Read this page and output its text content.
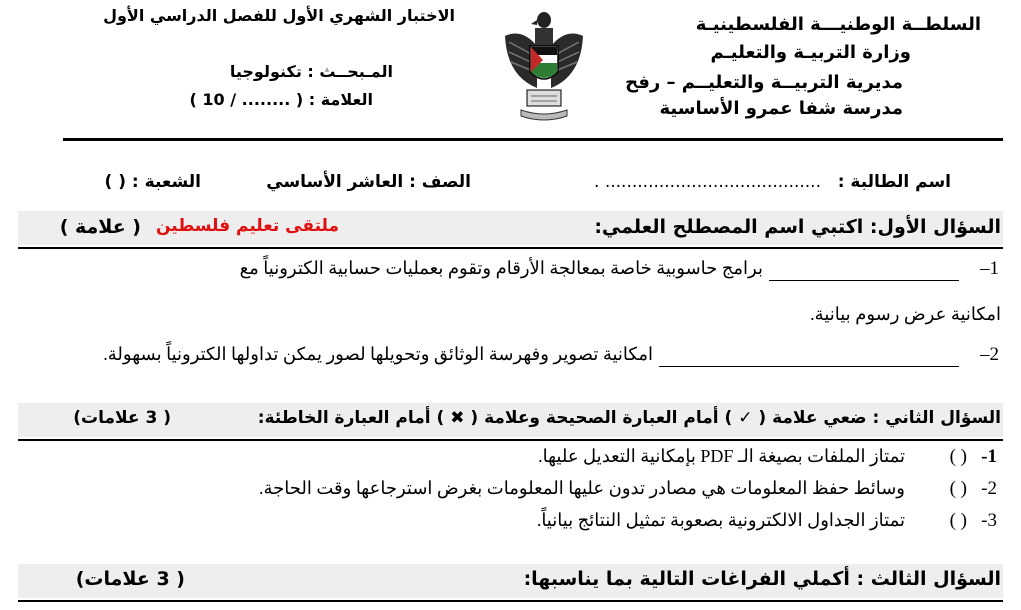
السلطــة الوطنيـــة الفلسطينيـة
وزارة التربيـة والتعليـم
مديرية التربيــة والتعليــم – رفح
مدرسة شفا عمرو الأساسية
الاختبار الشهري الأول للفصل الدراسي الأول
المـبحــث : تكنولوجيا
العلامة : ( ........ / 10 )
اسم الطالبة :
........................................ .
الصف : العاشر الأساسي
الشعبة : ( )
السؤال الأول: اكتبي اسم المصطلح العلمي:
ملتقى تعليم فلسطين
( علامة )
1–
برامج حاسوبية خاصة بمعالجة الأرقام وتقوم بعمليات حسابية الكترونياً مع
امكانية عرض رسوم بيانية.
2–
امكانية تصوير وفهرسة الوثائق وتحويلها لصور يمكن تداولها الكترونياً بسهولة.
السؤال الثاني : ضعي علامة ( ✓ ) أمام العبارة الصحيحة وعلامة ( ✖ ) أمام العبارة الخاطئة:
( 3 علامات)
1-
( )
تمتاز الملفات بصيغة الـ PDF بإمكانية التعديل عليها.
2-
( )
وسائط حفظ المعلومات هي مصادر تدون عليها المعلومات بغرض استرجاعها وقت الحاجة.
3-
( )
تمتاز الجداول الالكترونية بصعوبة تمثيل النتائج بيانياً.
السؤال الثالث : أكملي الفراغات التالية بما يناسبها:
( 3 علامات)
